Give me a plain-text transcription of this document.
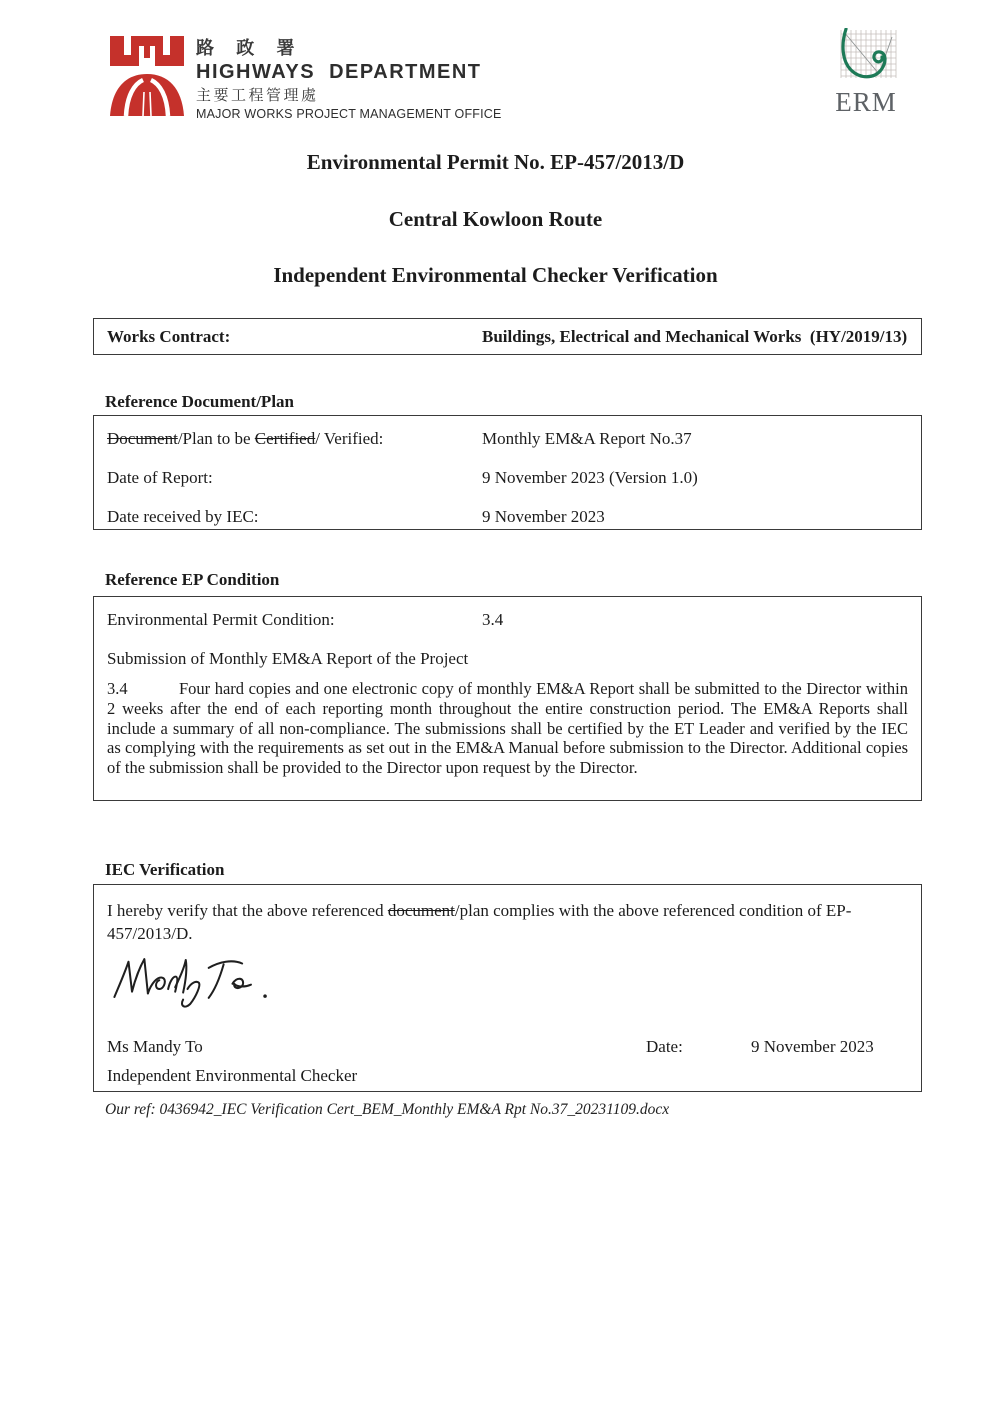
路 政 署
HIGHWAYS DEPARTMENT
主要工程管理處
MAJOR WORKS PROJECT MANAGEMENT OFFICE	ERM
Environmental Permit No. EP-457/2013/D
Central Kowloon Route
Independent Environmental Checker Verification
Works Contract:	Buildings, Electrical and Mechanical Works  (HY/2019/13)
Reference Document/Plan
Document/Plan to be Certified/ Verified:	Monthly EM&A Report No.37
Date of Report:	9 November 2023 (Version 1.0)
Date received by IEC:	9 November 2023
Reference EP Condition
Environmental Permit Condition:	3.4
Submission of Monthly EM&A Report of the Project
3.4	Four hard copies and one electronic copy of monthly EM&A Report shall be submitted to the Director within 2 weeks after the end of each reporting month throughout the entire construction period. The EM&A Reports shall include a summary of all non-compliance. The submissions shall be certified by the ET Leader and verified by the IEC as complying with the requirements as set out in the EM&A Manual before submission to the Director. Additional copies of the submission shall be provided to the Director upon request by the Director.
IEC Verification
I hereby verify that the above referenced document/plan complies with the above referenced condition of EP-457/2013/D.
Ms Mandy To	Date:	9 November 2023
Independent Environmental Checker
Our ref: 0436942_IEC Verification Cert_BEM_Monthly EM&A Rpt No.37_20231109.docx
